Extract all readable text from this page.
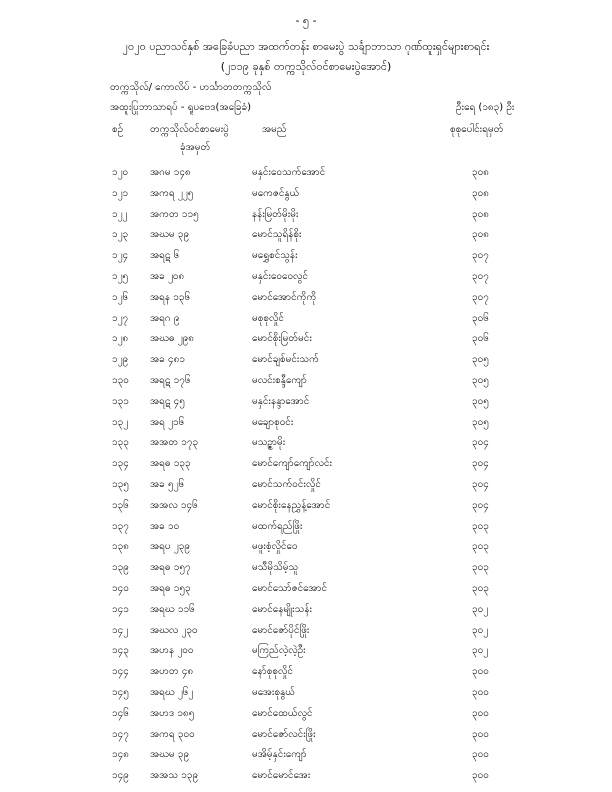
- ၅ -
၂၀၂၀ ပညာသင်နှစ် အခြေခံပညာ အထက်တန်း စာမေးပွဲ သင်္ချာဘာသာ ဂုဏ်ထူးရှင်များစာရင်း
(၂၁၁၉ ခုနှစ် တက္ကသိုလ်ဝင်စာမေးပွဲအောင်)
တက္ကသိုလ်/ ကောလိပ် - ဟင်္သာတတက္ကသိုလ်
အထူးပြုဘာသာရပ် - ရူပဗေဒ(အခြေခံ)	ဦးရေ (၁၈၃) ဦး
စဉ်	တက္ကသိုလ်ဝင်စာမေးပွဲ
ခုံအမှတ်
အမည်	စုစုပေါင်းရမှတ်
၁၂၀ အဂမ ၁၄၈	မနှင်းဝေသက်အောင်	၃၀၈
၁၂၁ အကရ ၂၂၅	မကေဇင်နွယ်	၃၀၈
၁၂၂ အကတ ၁၁၅	နန်းမြတ်မိုးမိုး	၃၀၈
၁၂၃ အဃမ ၃၉	မောင်သူရိန်စိုး	၃၀၈
၁၂၄ အရဋ ၆	မရွှေစင်သွန်း	၃၀၇
၁၂၅ အခ ၂၀၈	မနှင်းဝေဝေလွင်	၃၀၇
၁၂၆ အရန ၁၃၆	မောင်အောင်ကိုကို	၃၀၇
၁၂၇ အရဂ ၉	မစုစုလှိုင်	၃၀၆
၁၂၈ အဃဓ ၂၉၈	မောင်စိုးမြတ်မင်း	၃၀၆
၁၂၉ အခ ၄၈၁	မောင်ချစ်မင်းသက်	၃၀၅
၁၃၀ အရဋ ၁၇၆	မလင်းစန္ဒီကျော်	၃၀၅
၁၃၁ အရဋ ၄၅	မနှင်းနန္ဒာအောင်	၃၀၅
၁၃၂ အရ ၂၁၆	မချောစုဝင်း	၃၀၅
၁၃၃ အအတ ၁၇၃	မသဉ္ဇာမိုး	၃၀၄
၁၃၄ အရဓ ၁၃၃	မောင်ကျော်ကျော်လင်း	၃၀၄
၁၃၅ အခ ၅၂၆	မောင်သက်ဝင်းလှိုင်	၃၀၄
၁၃၆ အအလ ၁၄၆	မောင်စိုးနေညွှန့်အောင်	၃၀၄
၁၃၇ အခ ၁၀	မထက်ရည်ဖြိုး	၃၀၃
၁၃၈ အရပ ၂၃၉	မဖူးစံ့လှိုင်ဝေ	၃၀၃
၁၃၉ အရဓ ၁၅၇	မသီမိုသိမ့်သူ	၃၀၃
၁၄၀ အရဓ ၁၅၃	မောင်သော်ဇင်အောင်	၃၀၃
၁၄၁ အရဃ ၁၁၆	မောင်နေမျိုးသန်း	၃၀၂
၁၄၂ အဃလ ၂၃၀	မောင်ဇော်ပိုင်ဖြိုး	၃၀၂
၁၄၃ အဟန ၂၀၀	မကြည်လဲ့လဲ့ဦး	၃၀၂
၁၄၄ အဟတ ၄၈	နော်စုစုလှိုင်	၃၀၀
၁၄၅ အရဃ ၂၆၂	မအေးစုနွယ်	၃၀၀
၁၄၆ အဟဒ ၁၈၅	မောင်ထေယ်လွင်	၃၀၀
၁၄၇ အကရ ၃၀၀	မောင်ဇော်လင်းဖြိုး	၃၀၀
၁၄၈ အဃမ ၃၉	မအိမ့်နှင်းကျော်	၃၀၀
၁၄၉ အအသ ၁၃၉	မောင်မောင်အေး	၃၀၀
